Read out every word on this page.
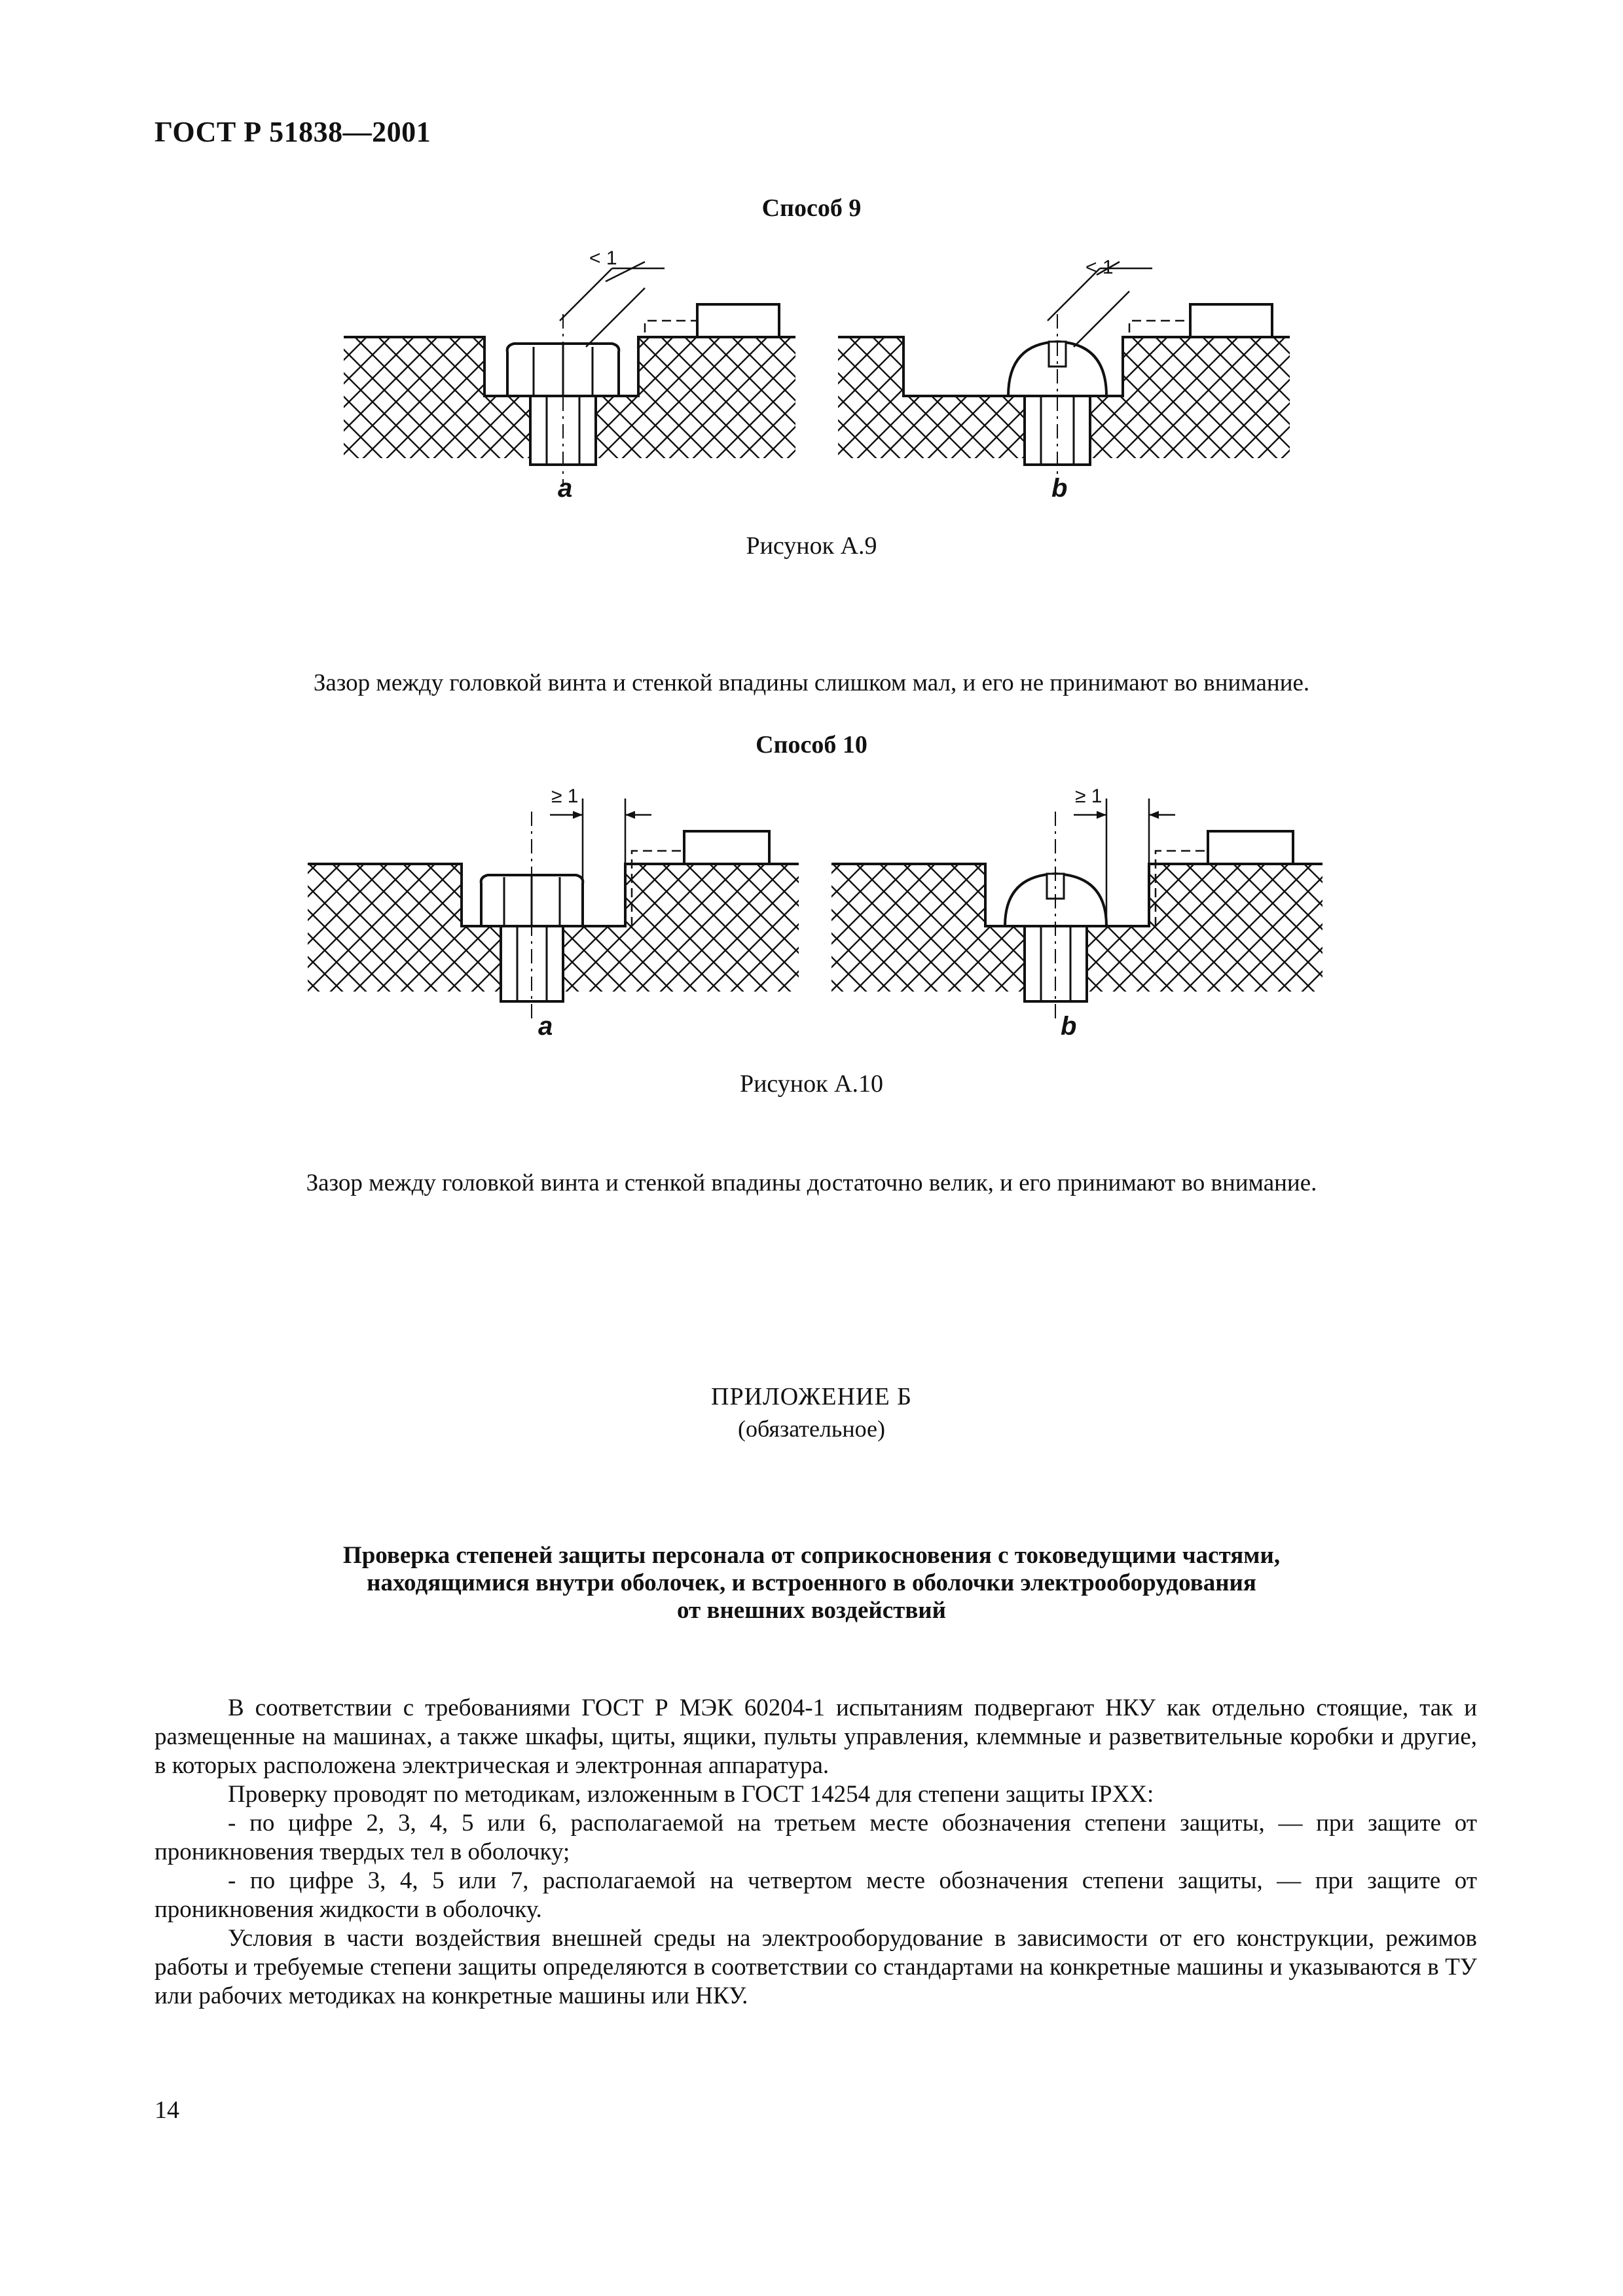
ГОСТ Р 51838—2001
Способ 9
< 1
a
< 1
b
Рисунок А.9
Зазор между головкой винта и стенкой впадины слишком мал, и его не принимают во внимание.
Способ 10
≥ 1
a
≥ 1
b
Рисунок А.10
Зазор между головкой винта и стенкой впадины достаточно велик, и его принимают во внимание.
ПРИЛОЖЕНИЕ Б
(обязательное)
Проверка степеней защиты персонала от соприкосновения с токоведущими частями,
находящимися внутри оболочек, и встроенного в оболочки электрооборудования
от внешних воздействий

В соответствии с требованиями ГОСТ Р МЭК 60204-1 испытаниям подвергают НКУ как отдельно стоящие, так и размещенные на машинах, а также шкафы, щиты, ящики, пульты управления, клеммные и разветвительные коробки и другие, в которых расположена электрическая и электронная аппаратура.

Проверку проводят по методикам, изложенным в ГОСТ 14254 для степени защиты IPXX:

- по цифре 2, 3, 4, 5 или 6, располагаемой на третьем месте обозначения степени защиты, — при защите от проникновения твердых тел в оболочку;

- по цифре 3, 4, 5 или 7, располагаемой на четвертом месте обозначения степени защиты, — при защите от проникновения жидкости в оболочку.

Условия в части воздействия внешней среды на электрооборудование в зависимости от его конструкции, режимов работы и требуемые степени защиты определяются в соответствии со стандартами на конкретные машины и указываются в ТУ или рабочих методиках на конкретные машины или НКУ.

14
